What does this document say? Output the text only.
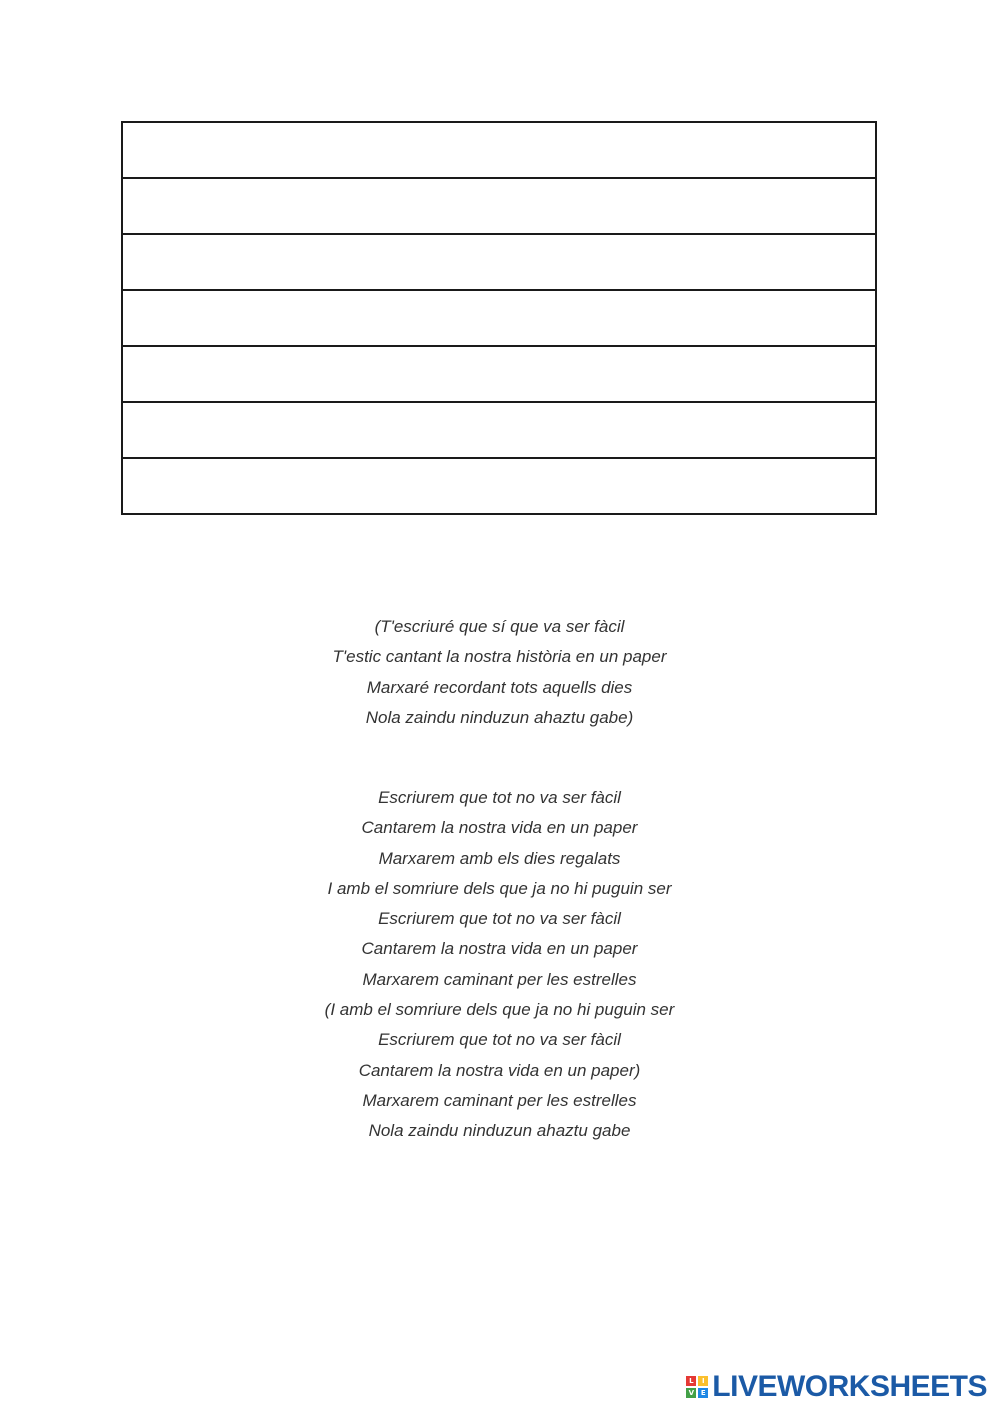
(T'escriuré que sí que va ser fàcil
T'estic cantant la nostra història en un paper
Marxaré recordant tots aquells dies
Nola zaindu ninduzun ahaztu gabe)
Escriurem que tot no va ser fàcil
Cantarem la nostra vida en un paper
Marxarem amb els dies regalats
I amb el somriure dels que ja no hi puguin ser
Escriurem que tot no va ser fàcil
Cantarem la nostra vida en un paper
Marxarem caminant per les estrelles
(I amb el somriure dels que ja no hi puguin ser
Escriurem que tot no va ser fàcil
Cantarem la nostra vida en un paper)
Marxarem caminant per les estrelles
Nola zaindu ninduzun ahaztu gabe
L	I
V E LIVEWORKSHEETS
